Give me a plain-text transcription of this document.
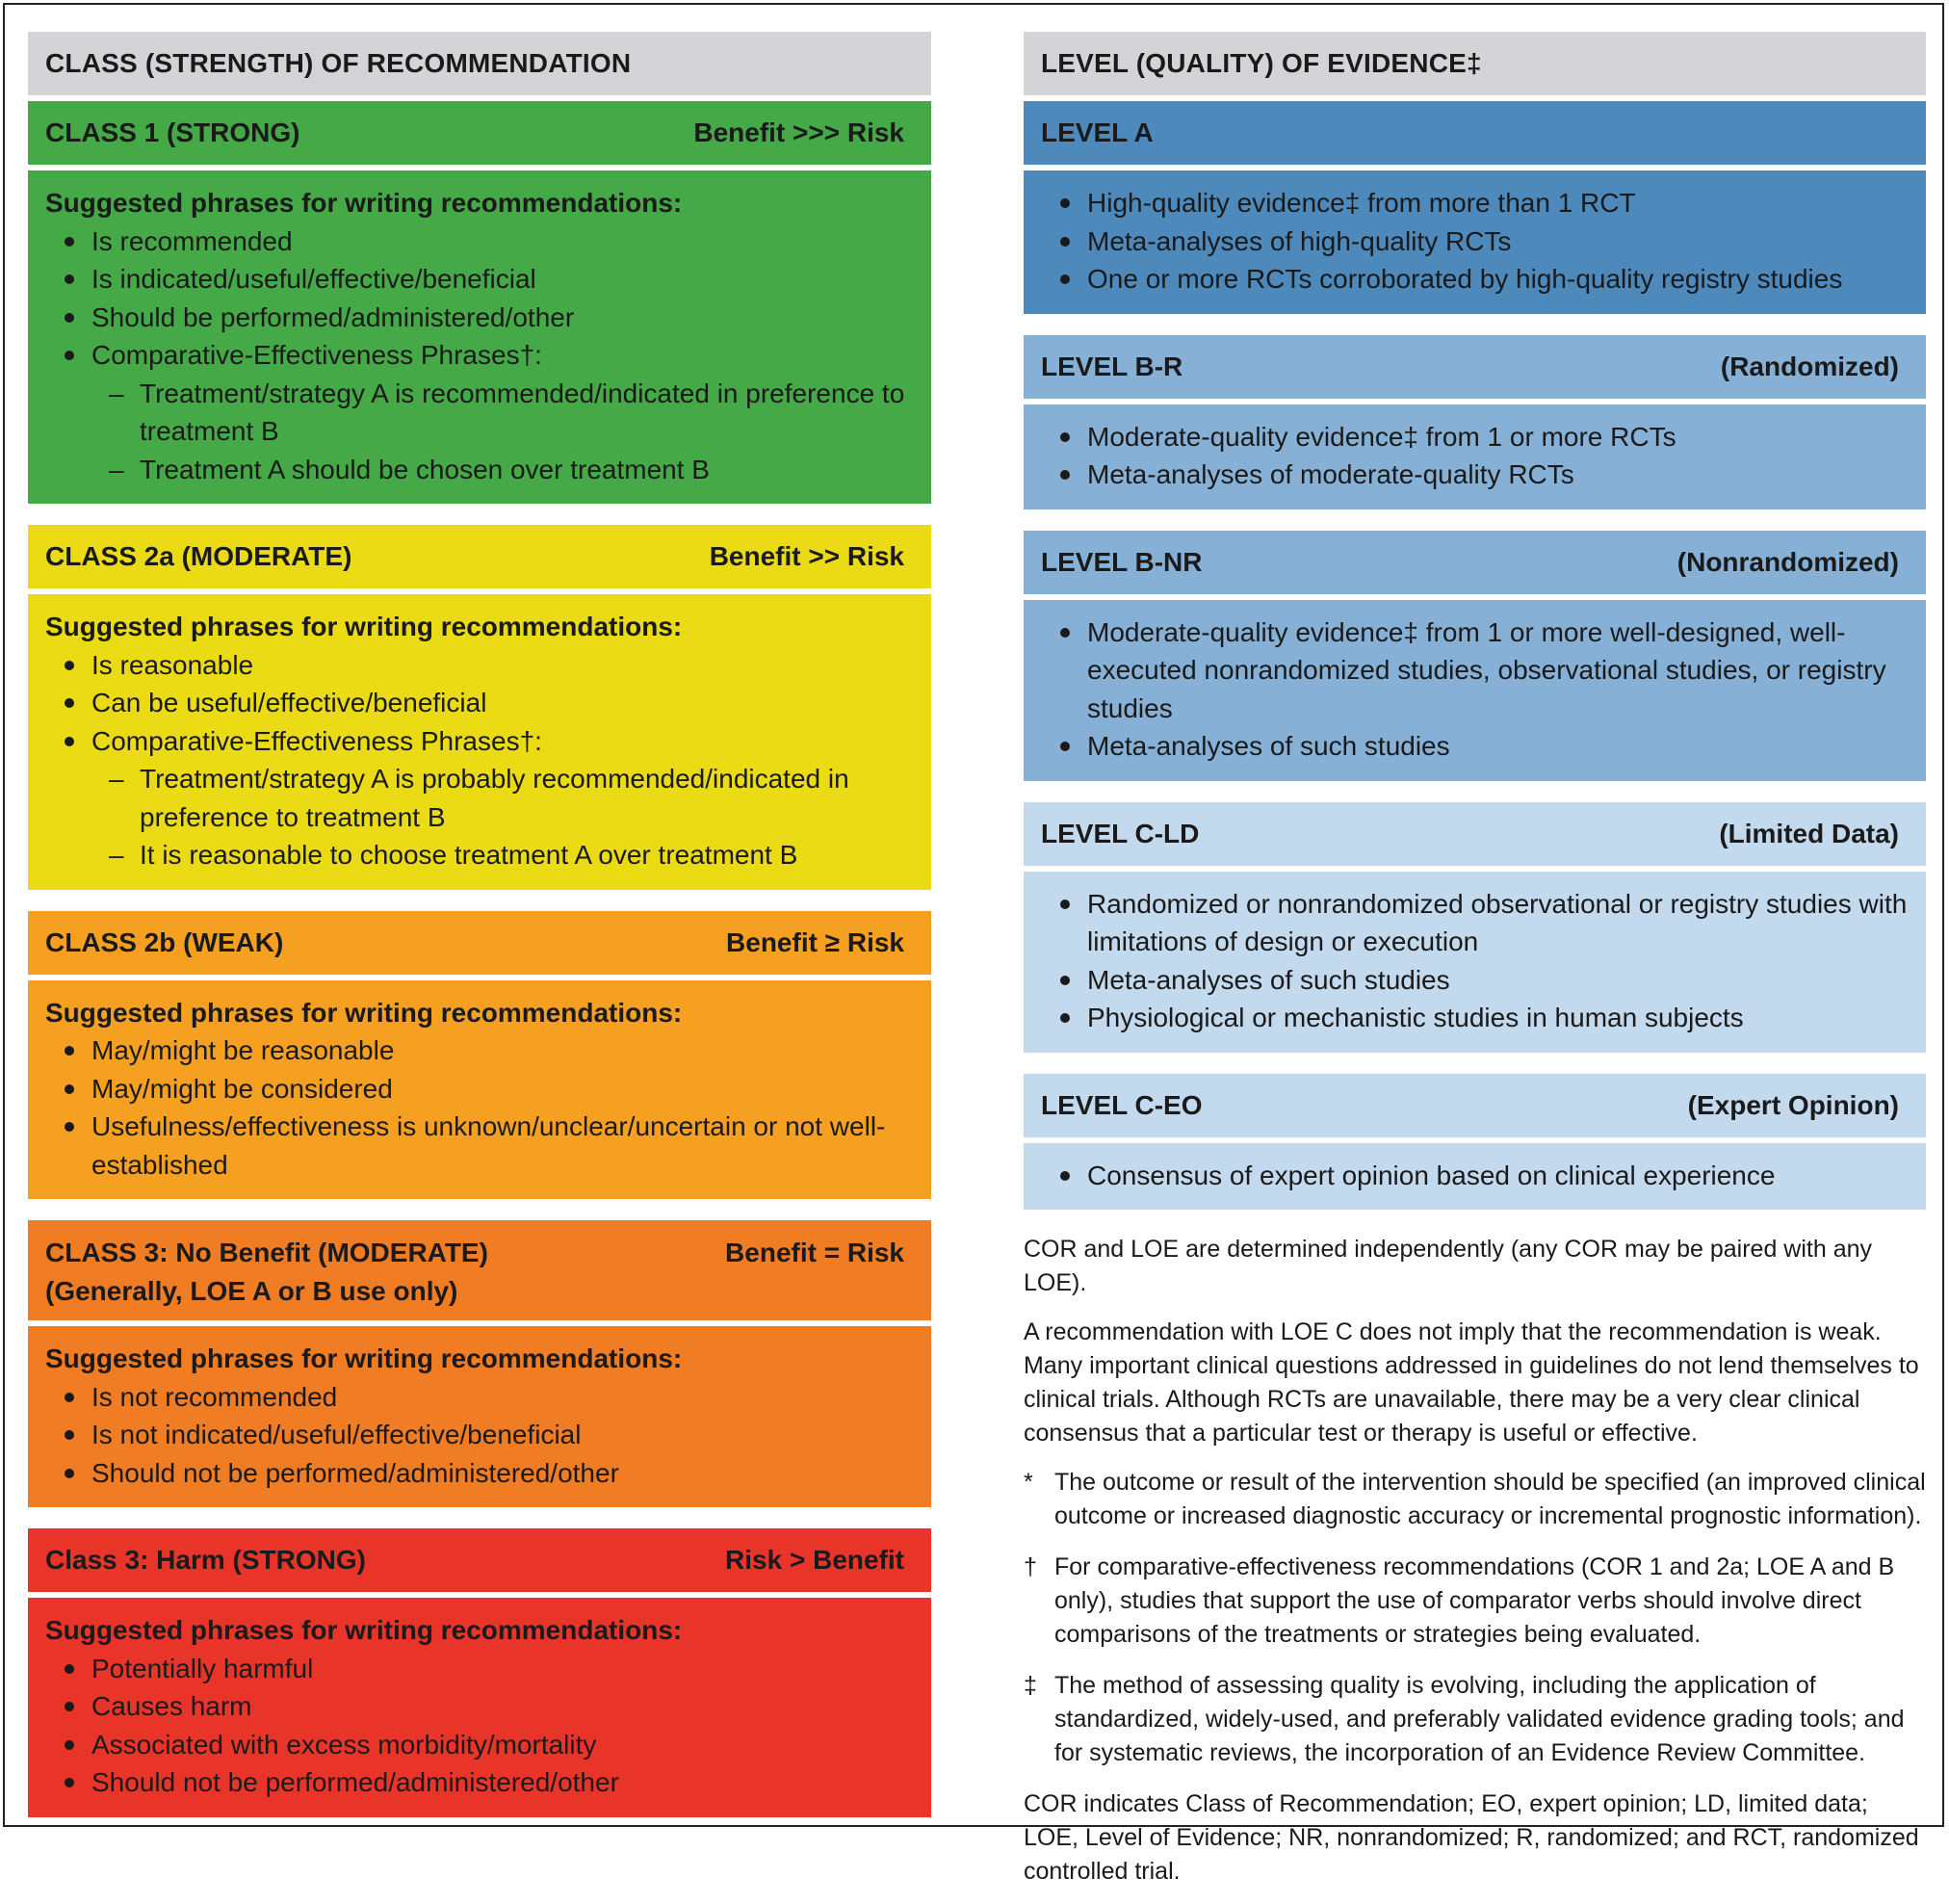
CLASS (STRENGTH) OF RECOMMENDATION
CLASS 1 (STRONG)	Benefit >>> Risk
Suggested phrases for writing recommendations:
Is recommended
Is indicated/useful/effective/beneficial
Should be performed/administered/other
Comparative-Effectiveness Phrases†:
– Treatment/strategy A is recommended/indicated in preference to treatment B
– Treatment A should be chosen over treatment B
CLASS 2a (MODERATE)	Benefit >> Risk
Suggested phrases for writing recommendations:
Is reasonable
Can be useful/effective/beneficial
Comparative-Effectiveness Phrases†:
– Treatment/strategy A is probably recommended/indicated in preference to treatment B
– It is reasonable to choose treatment A over treatment B
CLASS 2b (WEAK)	Benefit ≥ Risk
Suggested phrases for writing recommendations:
May/might be reasonable
May/might be considered
Usefulness/effectiveness is unknown/unclear/uncertain or not well-established
CLASS 3: No Benefit (MODERATE)
(Generally, LOE A or B use only)
Benefit = Risk
Suggested phrases for writing recommendations:
Is not recommended
Is not indicated/useful/effective/beneficial
Should not be performed/administered/other
Class 3: Harm (STRONG)	Risk > Benefit
Suggested phrases for writing recommendations:
Potentially harmful
Causes harm
Associated with excess morbidity/mortality
Should not be performed/administered/other
LEVEL (QUALITY) OF EVIDENCE‡
LEVEL A
High-quality evidence‡ from more than 1 RCT
Meta-analyses of high-quality RCTs
One or more RCTs corroborated by high-quality registry studies
LEVEL B-R	(Randomized)
Moderate-quality evidence‡ from 1 or more RCTs
Meta-analyses of moderate-quality RCTs
LEVEL B-NR	(Nonrandomized)
Moderate-quality evidence‡ from 1 or more well-designed, well-executed nonrandomized studies, observational studies, or registry studies
Meta-analyses of such studies
LEVEL C-LD	(Limited Data)
Randomized or nonrandomized observational or registry studies with limitations of design or execution
Meta-analyses of such studies
Physiological or mechanistic studies in human subjects
LEVEL C-EO	(Expert Opinion)
Consensus of expert opinion based on clinical experience

COR and LOE are determined independently (any COR may be paired with any LOE).

A recommendation with LOE C does not imply that the recommendation is weak. Many important clinical questions addressed in guidelines do not lend themselves to clinical trials. Although RCTs are unavailable, there may be a very clear clinical consensus that a particular test or therapy is useful or effective.

* The outcome or result of the intervention should be specified (an improved clinical outcome or increased diagnostic accuracy or incremental prognostic information).
† For comparative-effectiveness recommendations (COR 1 and 2a; LOE A and B only), studies that support the use of comparator verbs should involve direct comparisons of the treatments or strategies being evaluated.
‡ The method of assessing quality is evolving, including the application of standardized, widely-used, and preferably validated evidence grading tools; and for systematic reviews, the incorporation of an Evidence Review Committee.

COR indicates Class of Recommendation; EO, expert opinion; LD, limited data; LOE, Level of Evidence; NR, nonrandomized; R, randomized; and RCT, randomized controlled trial.
